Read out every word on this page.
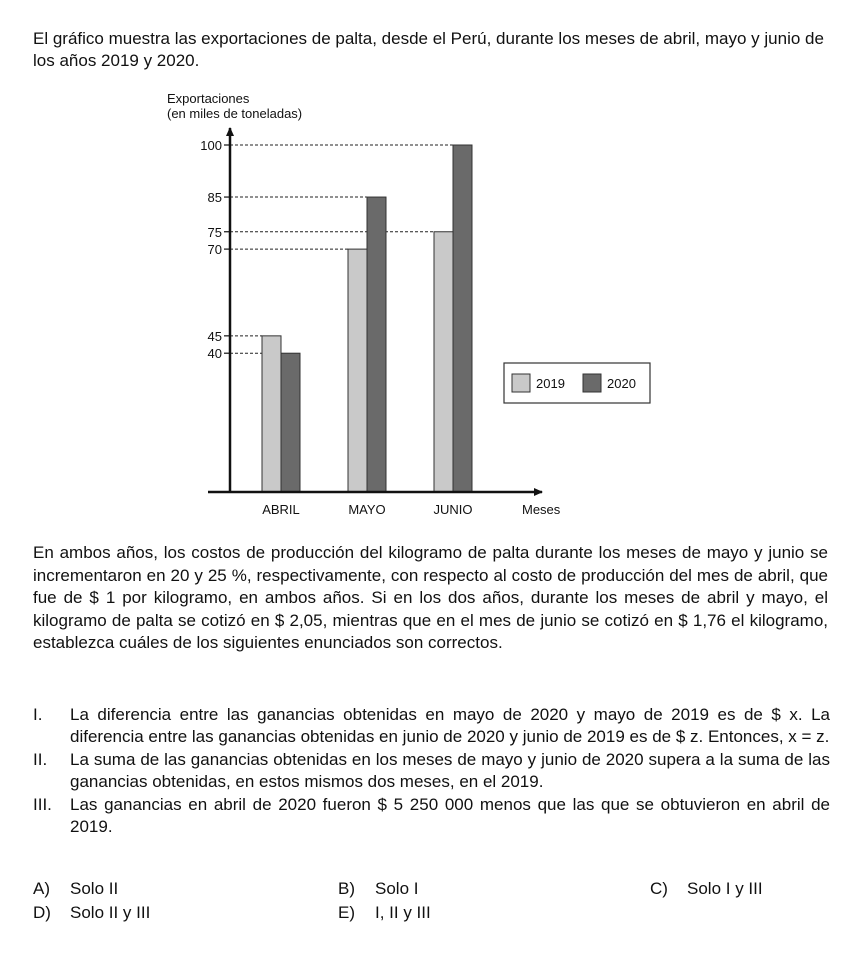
El gráfico muestra las exportaciones de palta, desde el Perú, durante los meses de abril, mayo y junio de los años 2019 y 2020.

Exportaciones
(en miles de toneladas)
40
45
70
75
85
100
ABRIL	MAYO	JUNIO	Meses
2019	2020

En ambos años, los costos de producción del kilogramo de palta durante los meses de mayo y junio se incrementaron en 20 y 25 %, respectivamente, con respecto al costo de producción del mes de abril, que fue de $ 1 por kilogramo, en ambos años. Si en los dos años, durante los meses de abril y mayo, el kilogramo de palta se cotizó en $ 2,05, mientras que en el mes de junio se cotizó en $ 1,76 el kilogramo, establezca cuáles de los siguientes enunciados son correctos.

I.	La diferencia entre las ganancias obtenidas en mayo de 2020 y mayo de 2019 es de $ x. La diferencia entre las ganancias obtenidas en junio de 2020 y junio de 2019 es de $ z. Entonces, x = z.
II.	La suma de las ganancias obtenidas en los meses de mayo y junio de 2020 supera a la suma de las ganancias obtenidas, en estos mismos dos meses, en el 2019.
III.	Las ganancias en abril de 2020 fueron $ 5 250 000 menos que las que se obtuvieron en abril de 2019.
A)	Solo II	B)	Solo I	C)	Solo I y III
D)	Solo II y III	E)	I, II y III
